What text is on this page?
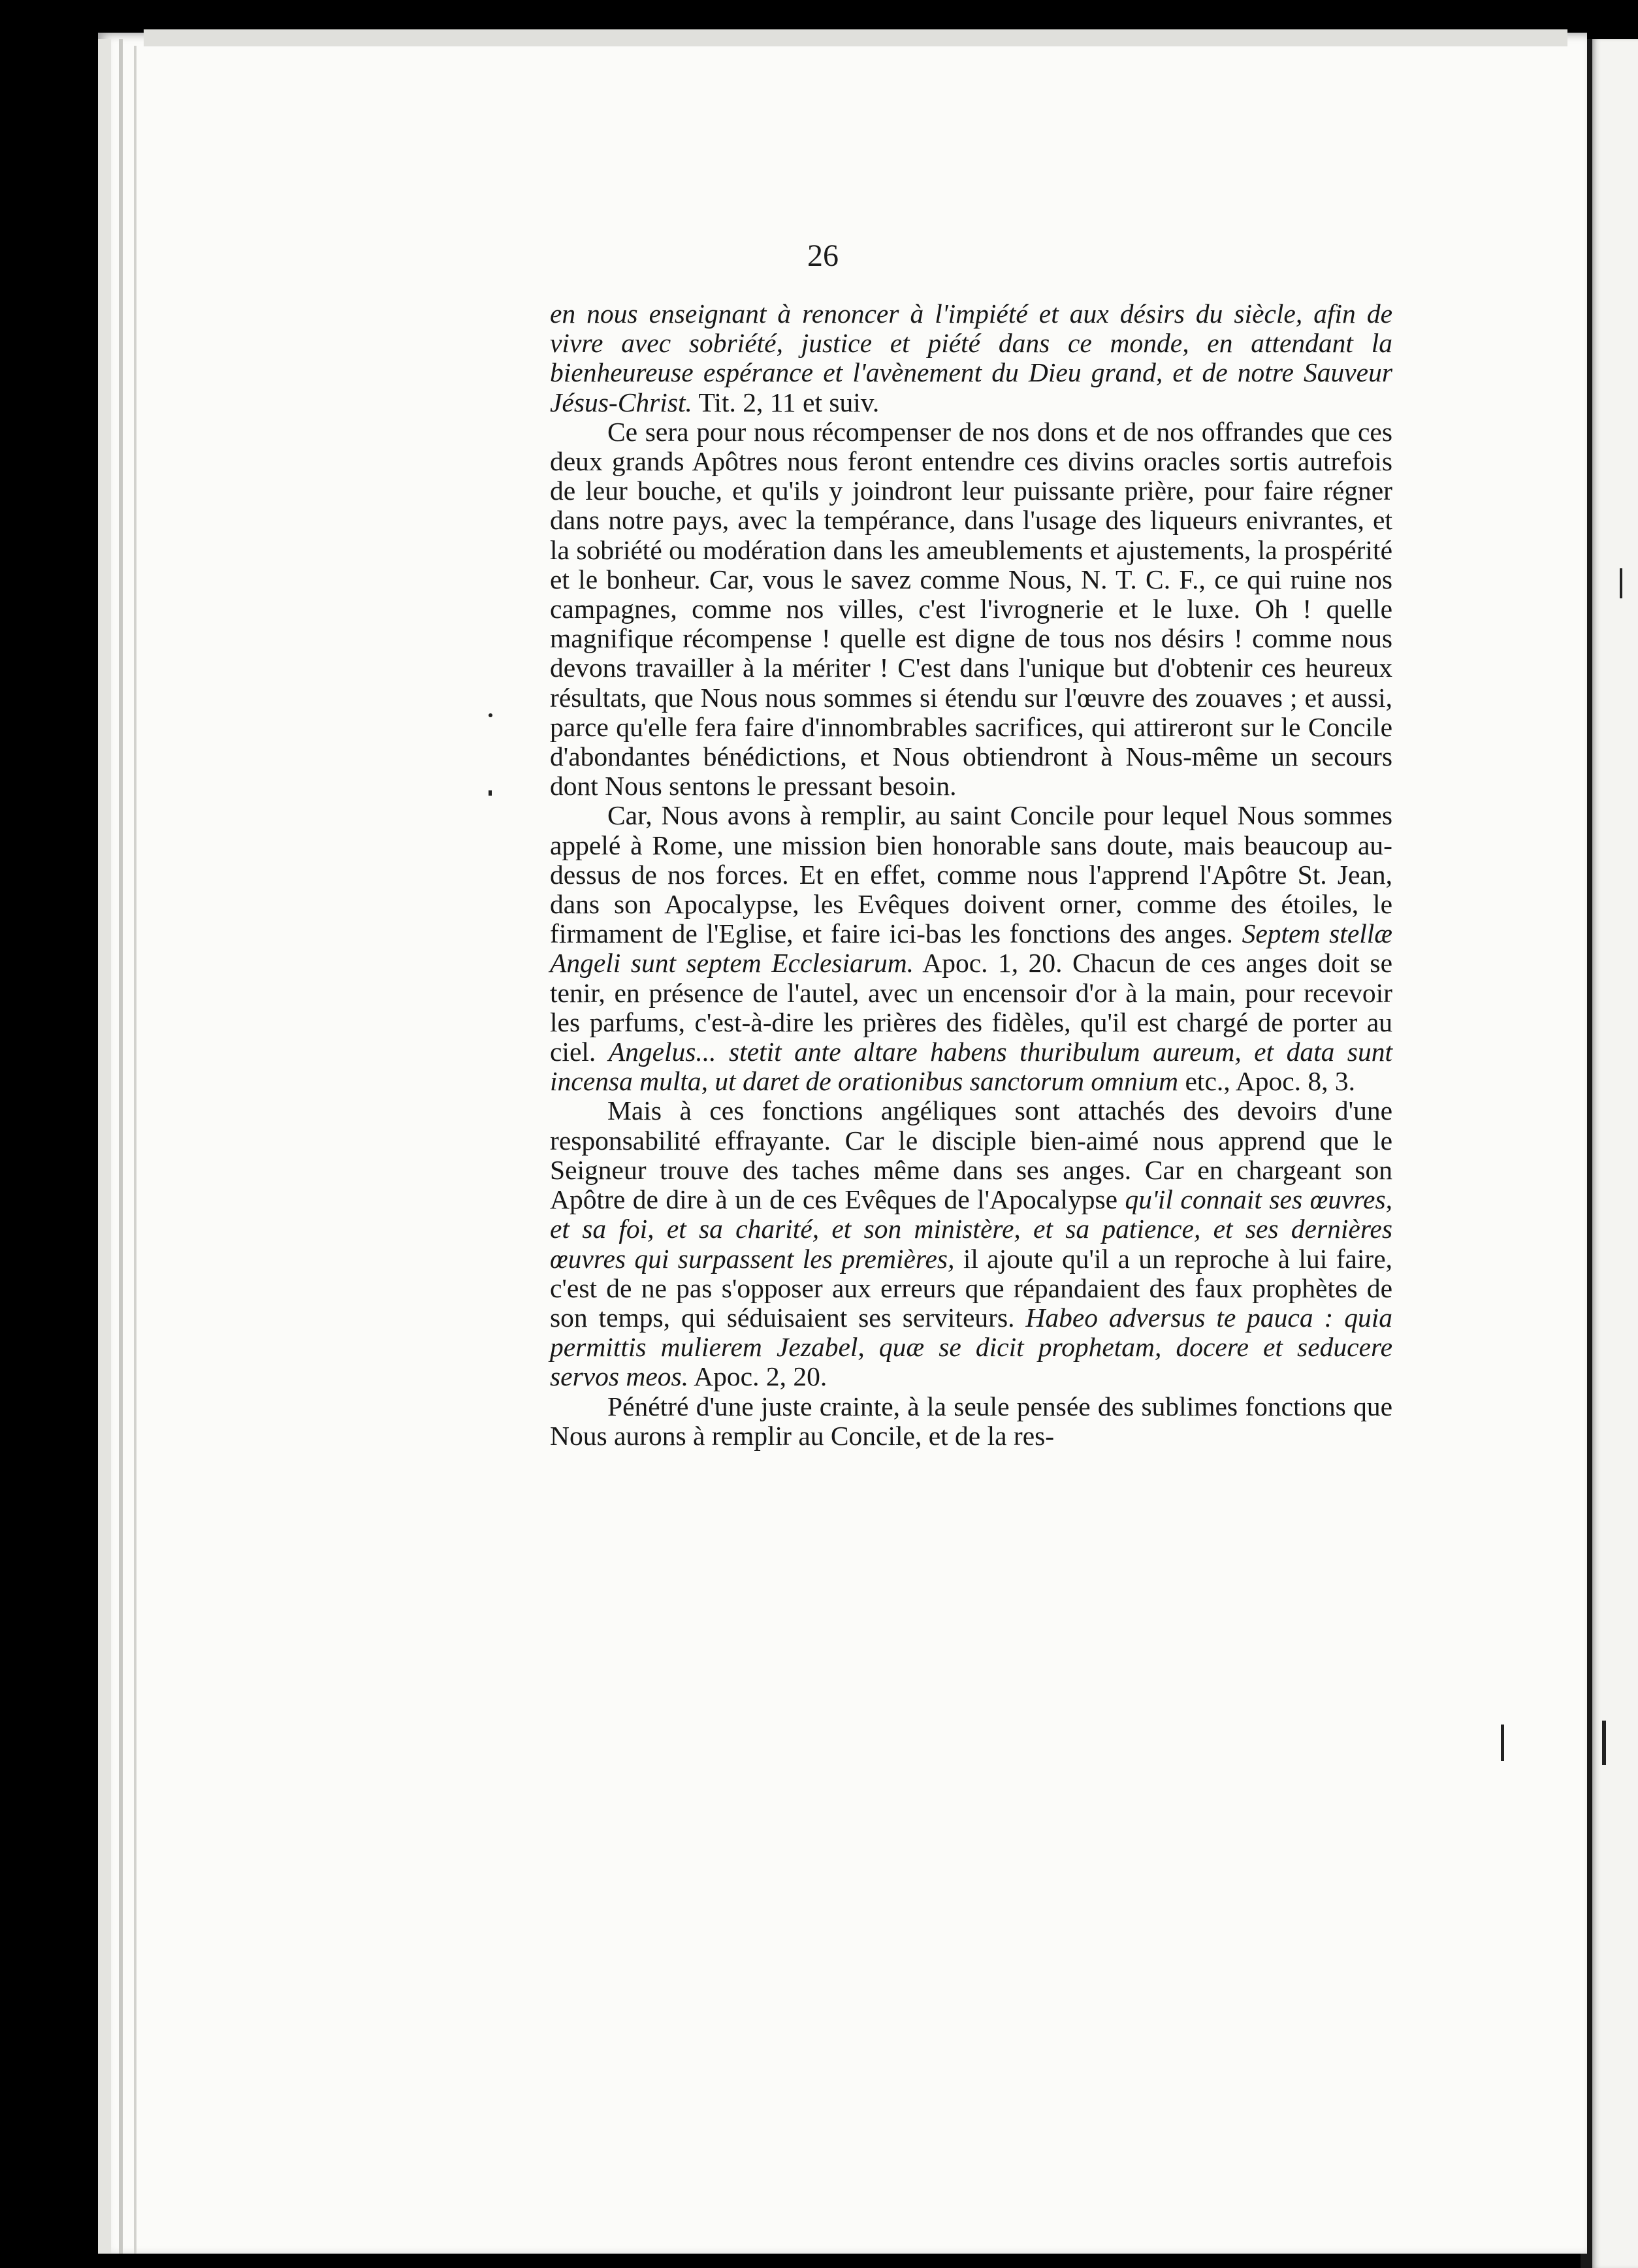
26

en nous enseignant à renoncer à l'impiété et aux désirs du siècle, afin de vivre avec sobriété, justice et piété dans ce monde, en attendant la bienheureuse espérance et l'avènement du Dieu grand, et de notre Sauveur Jésus-Christ. Tit. 2, 11 et suiv.

Ce sera pour nous récompenser de nos dons et de nos offrandes que ces deux grands Apôtres nous feront entendre ces divins oracles sortis autrefois de leur bouche, et qu'ils y joindront leur puissante prière, pour faire régner dans notre pays, avec la tempérance, dans l'usage des liqueurs enivrantes, et la sobriété ou modération dans les ameublements et ajustements, la prospérité et le bonheur. Car, vous le savez comme Nous, N. T. C. F., ce qui ruine nos campagnes, comme nos villes, c'est l'ivrognerie et le luxe. Oh ! quelle magnifique récompense ! quelle est digne de tous nos désirs ! comme nous devons travailler à la mériter ! C'est dans l'unique but d'obtenir ces heureux résultats, que Nous nous sommes si étendu sur l'œuvre des zouaves ; et aussi, parce qu'elle fera faire d'innombrables sacrifices, qui attireront sur le Concile d'abondantes bénédictions, et Nous obtiendront à Nous-même un secours dont Nous sentons le pressant besoin.

Car, Nous avons à remplir, au saint Concile pour lequel Nous sommes appelé à Rome, une mission bien honorable sans doute, mais beaucoup au-dessus de nos forces. Et en effet, comme nous l'apprend l'Apôtre St. Jean, dans son Apocalypse, les Evêques doivent orner, comme des étoiles, le firmament de l'Eglise, et faire ici-bas les fonctions des anges. Septem stellæ Angeli sunt septem Ecclesiarum. Apoc. 1, 20. Chacun de ces anges doit se tenir, en présence de l'autel, avec un encensoir d'or à la main, pour recevoir les parfums, c'est-à-dire les prières des fidèles, qu'il est chargé de porter au ciel. Angelus... stetit ante altare habens thuribulum aureum, et data sunt incensa multa, ut daret de orationibus sanctorum omnium etc., Apoc. 8, 3.

Mais à ces fonctions angéliques sont attachés des devoirs d'une responsabilité effrayante. Car le disciple bien-aimé nous apprend que le Seigneur trouve des taches même dans ses anges. Car en chargeant son Apôtre de dire à un de ces Evêques de l'Apocalypse qu'il connait ses œuvres, et sa foi, et sa charité, et son ministère, et sa patience, et ses dernières œuvres qui surpassent les premières, il ajoute qu'il a un reproche à lui faire, c'est de ne pas s'opposer aux erreurs que répandaient des faux prophètes de son temps, qui séduisaient ses serviteurs. Habeo adversus te pauca : quia permittis mulierem Jezabel, quæ se dicit prophetam, docere et seducere servos meos. Apoc. 2, 20.

Pénétré d'une juste crainte, à la seule pensée des sublimes fonctions que Nous aurons à remplir au Concile, et de la res-
